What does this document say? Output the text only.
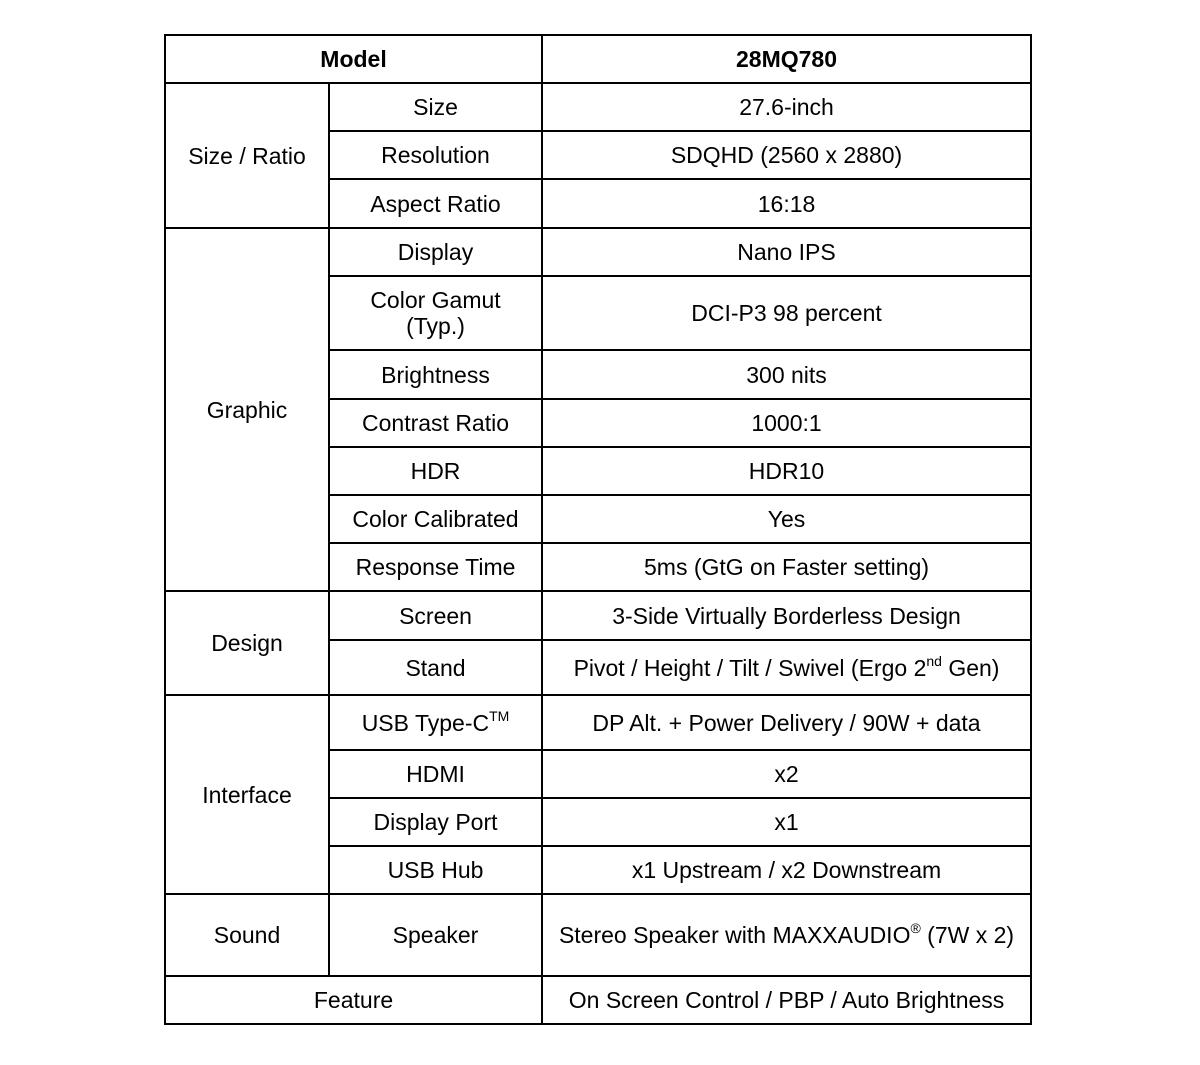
Model		28MQ780
Size / Ratio	Size	27.6-inch
	Resolution	SDQHD (2560 x 2880)
	Aspect Ratio	16:18
Graphic	Display	Nano IPS
	Color Gamut (Typ.)	DCI-P3 98 percent
	Brightness	300 nits
	Contrast Ratio	1000:1
	HDR	HDR10
	Color Calibrated	Yes
	Response Time	5ms (GtG on Faster setting)
Design	Screen	3-Side Virtually Borderless Design
	Stand	Pivot / Height / Tilt / Swivel (Ergo 2nd Gen)
Interface	USB Type-C™	DP Alt. + Power Delivery / 90W + data
	HDMI	x2
	Display Port	x1
	USB Hub	x1 Upstream / x2 Downstream
Sound	Speaker	Stereo Speaker with MAXXAUDIO® (7W x 2)
Feature		On Screen Control / PBP / Auto Brightness
